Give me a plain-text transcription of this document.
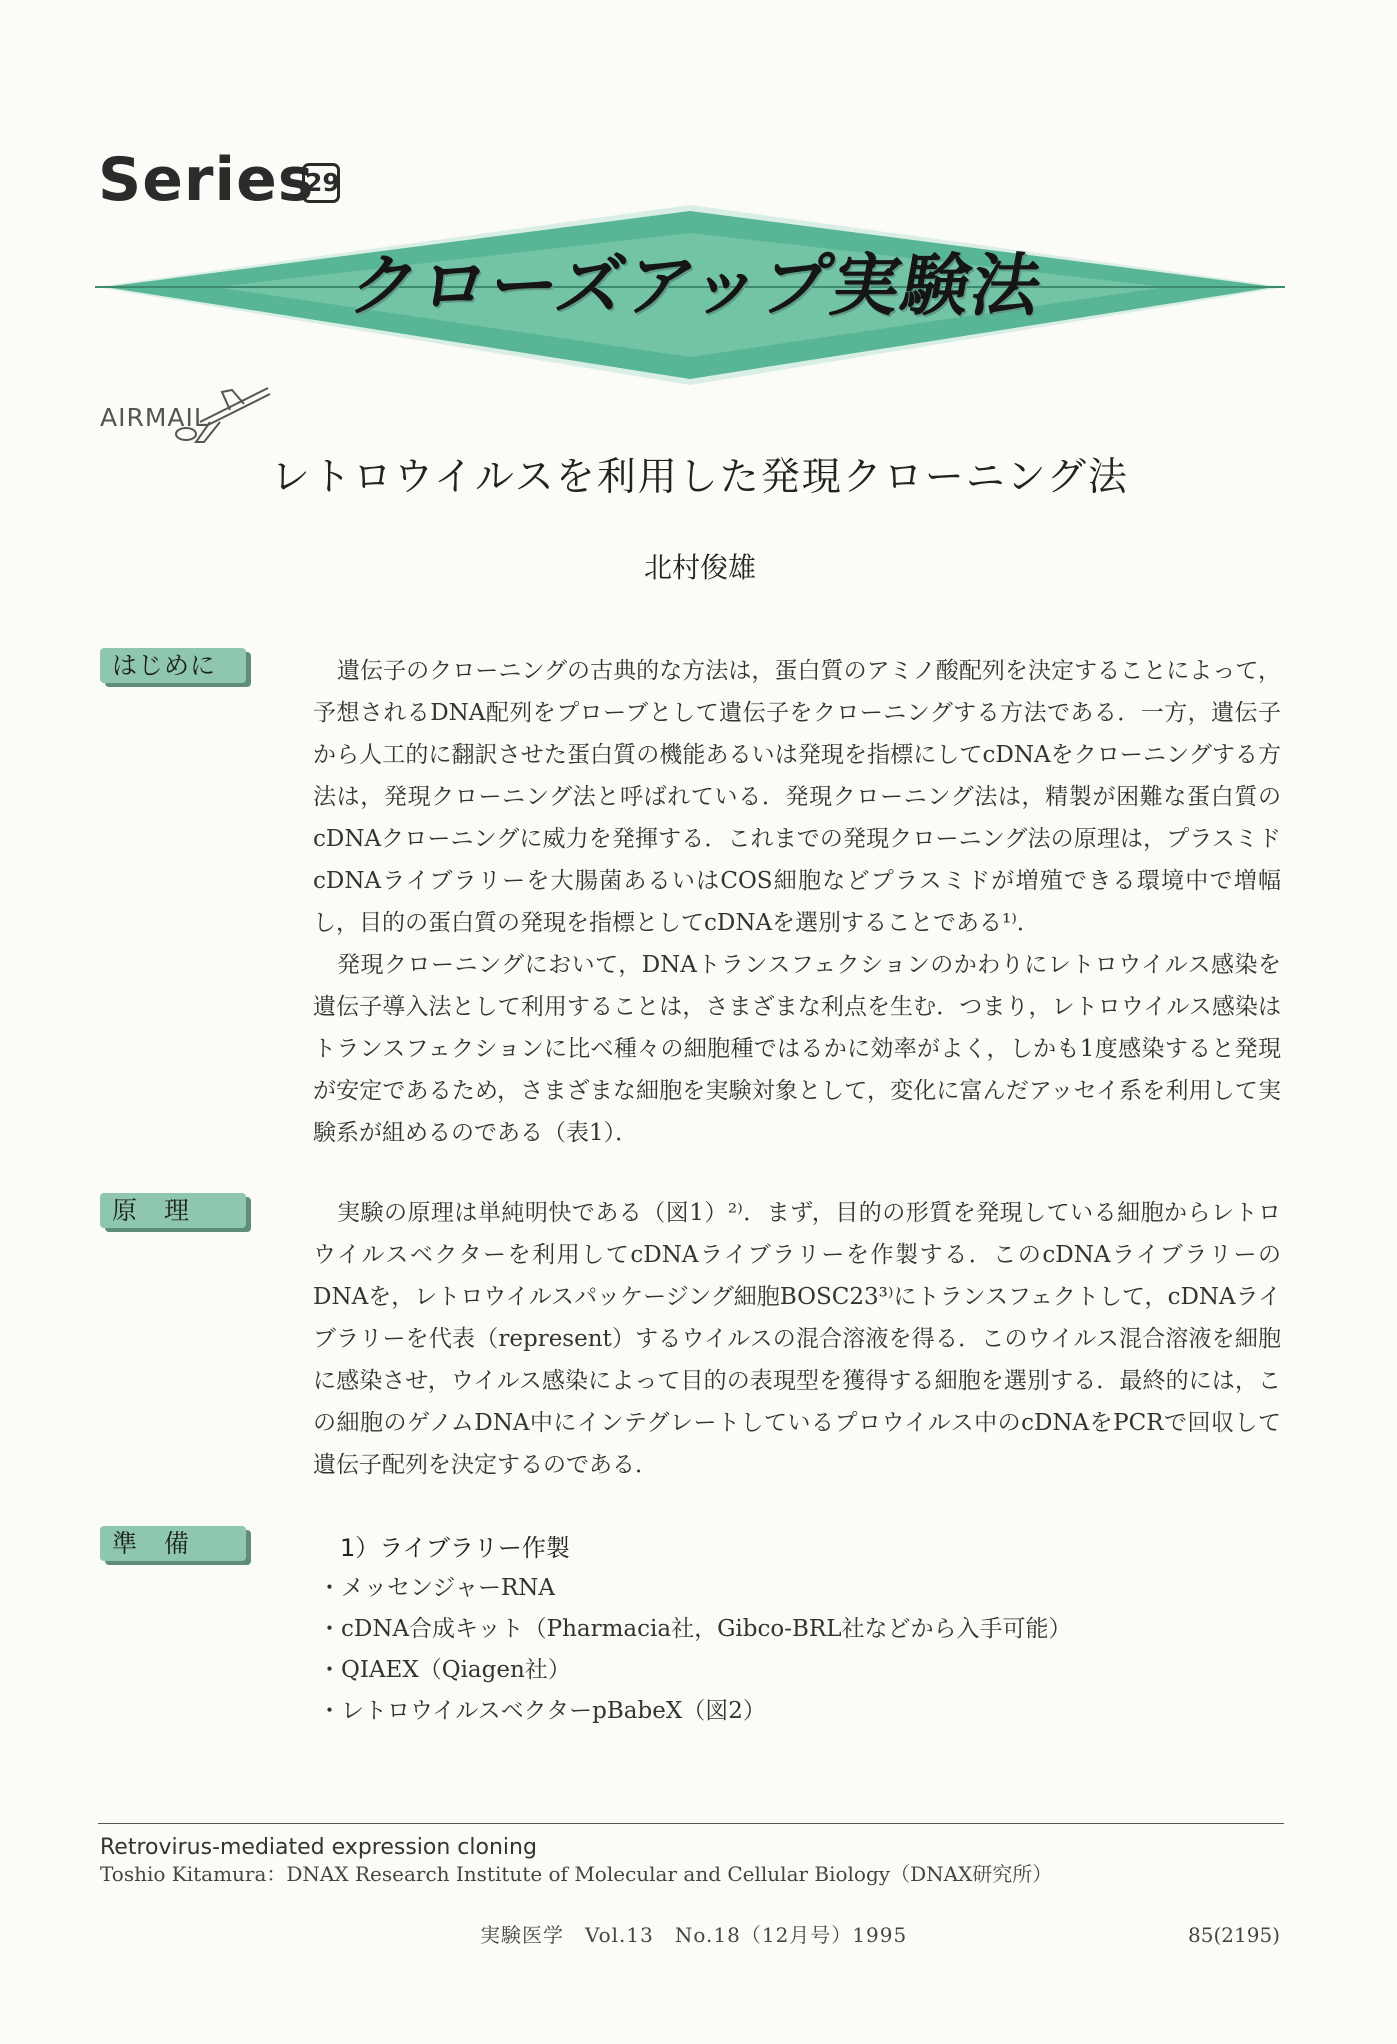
Series
29
クローズアップ実験法
AIRMAIL
レトロウイルスを利用した発現クローニング法
北村俊雄
はじめに	遺伝子のクローニングの古典的な方法は，蛋白質のアミノ酸配列を決定することによって，予想されるDNA配列をプローブとして遺伝子をクローニングする方法である．一方，遺伝子から人工的に翻訳させた蛋白質の機能あるいは発現を指標にしてcDNAをクローニングする方法は，発現クローニング法と呼ばれている．発現クローニング法は，精製が困難な蛋白質のcDNAクローニングに威力を発揮する．これまでの発現クローニング法の原理は，プラスミドcDNAライブラリーを大腸菌あるいはCOS細胞などプラスミドが増殖できる環境中で増幅し，目的の蛋白質の発現を指標としてcDNAを選別することである¹⁾．

発現クローニングにおいて，DNAトランスフェクションのかわりにレトロウイルス感染を遺伝子導入法として利用することは，さまざまな利点を生む．つまり，レトロウイルス感染はトランスフェクションに比べ種々の細胞種ではるかに効率がよく，しかも1度感染すると発現が安定であるため，さまざまな細胞を実験対象として，変化に富んだアッセイ系を利用して実験系が組めるのである（表1）．

原　理	実験の原理は単純明快である（図1）²⁾．まず，目的の形質を発現している細胞からレトロウイルスベクターを利用してcDNAライブラリーを作製する．このcDNAライブラリーのDNAを，レトロウイルスパッケージング細胞BOSC23³⁾にトランスフェクトして，cDNAライブラリーを代表（represent）するウイルスの混合溶液を得る．このウイルス混合溶液を細胞に感染させ，ウイルス感染によって目的の表現型を獲得する細胞を選別する．最終的には，この細胞のゲノムDNA中にインテグレートしているプロウイルス中のcDNAをPCRで回収して遺伝子配列を決定するのである．

準　備	1）ライブラリー作製
・メッセンジャーRNA
・cDNA合成キット（Pharmacia社，Gibco-BRL社などから入手可能）
・QIAEX（Qiagen社）
・レトロウイルスベクターpBabeX（図2）
Retrovirus-mediated expression cloning
Toshio Kitamura：DNAX Research Institute of Molecular and Cellular Biology（DNAX研究所）
実験医学　Vol.13　No.18（12月号）1995	85(2195)
